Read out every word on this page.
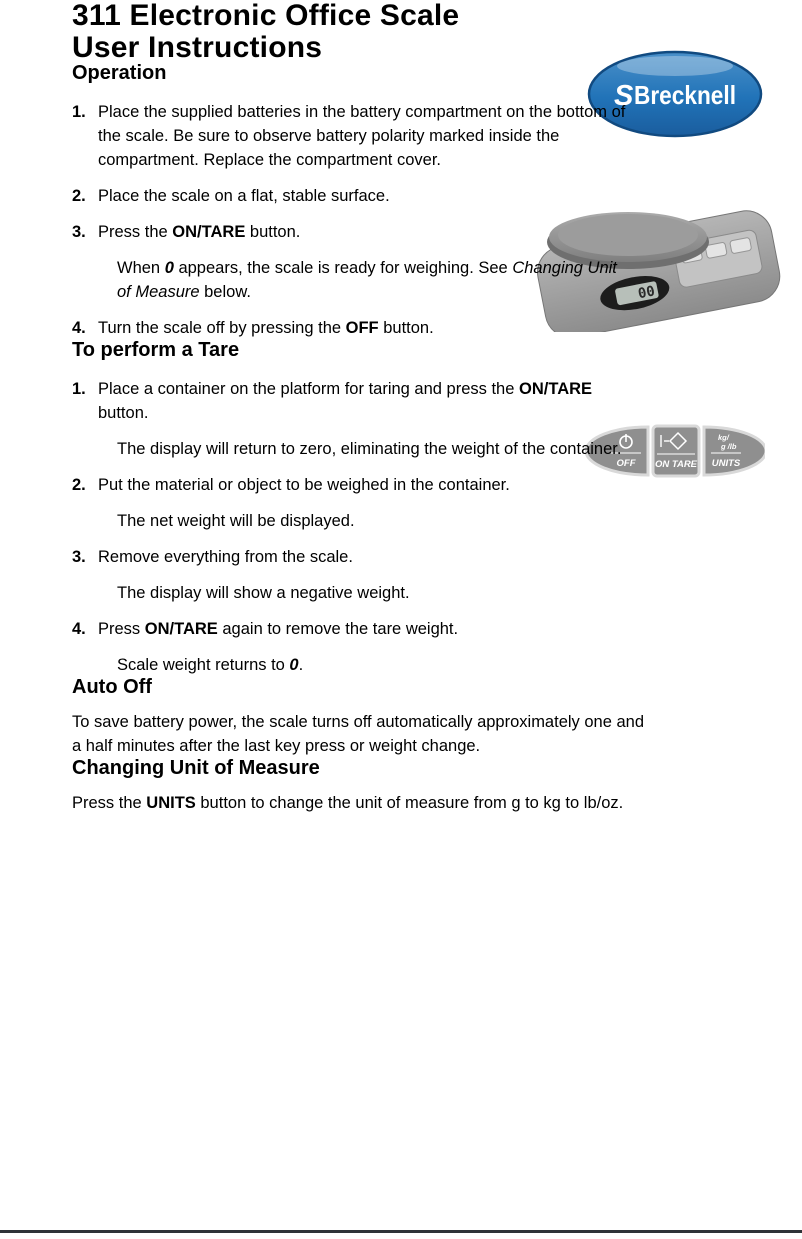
S Brecknell
00
OFF ON TARE
kg/
g /lb
UNITS
311 Electronic Office Scale
User Instructions
Operation
1. Place the supplied batteries in the battery compartment on the bottom of
the scale. Be sure to observe battery polarity marked inside the
compartment. Replace the compartment cover.

2. Place the scale on a flat, stable surface.

3. Press the ON/TARE button.

When 0 appears, the scale is ready for weighing. See Changing Unit
of Measure below.

4. Turn the scale off by pressing the OFF button.

To perform a Tare
1. Place a container on the platform for taring and press the ON/TARE
button.

The display will return to zero, eliminating the weight of the container.

2. Put the material or object to be weighed in the container.

The net weight will be displayed.

3. Remove everything from the scale.

The display will show a negative weight.

4. Press ON/TARE again to remove the tare weight.

Scale weight returns to 0.

Auto Off

To save battery power, the scale turns off automatically approximately one and
a half minutes after the last key press or weight change.

Changing Unit of Measure

Press the UNITS button to change the unit of measure from g to kg to lb/oz.
